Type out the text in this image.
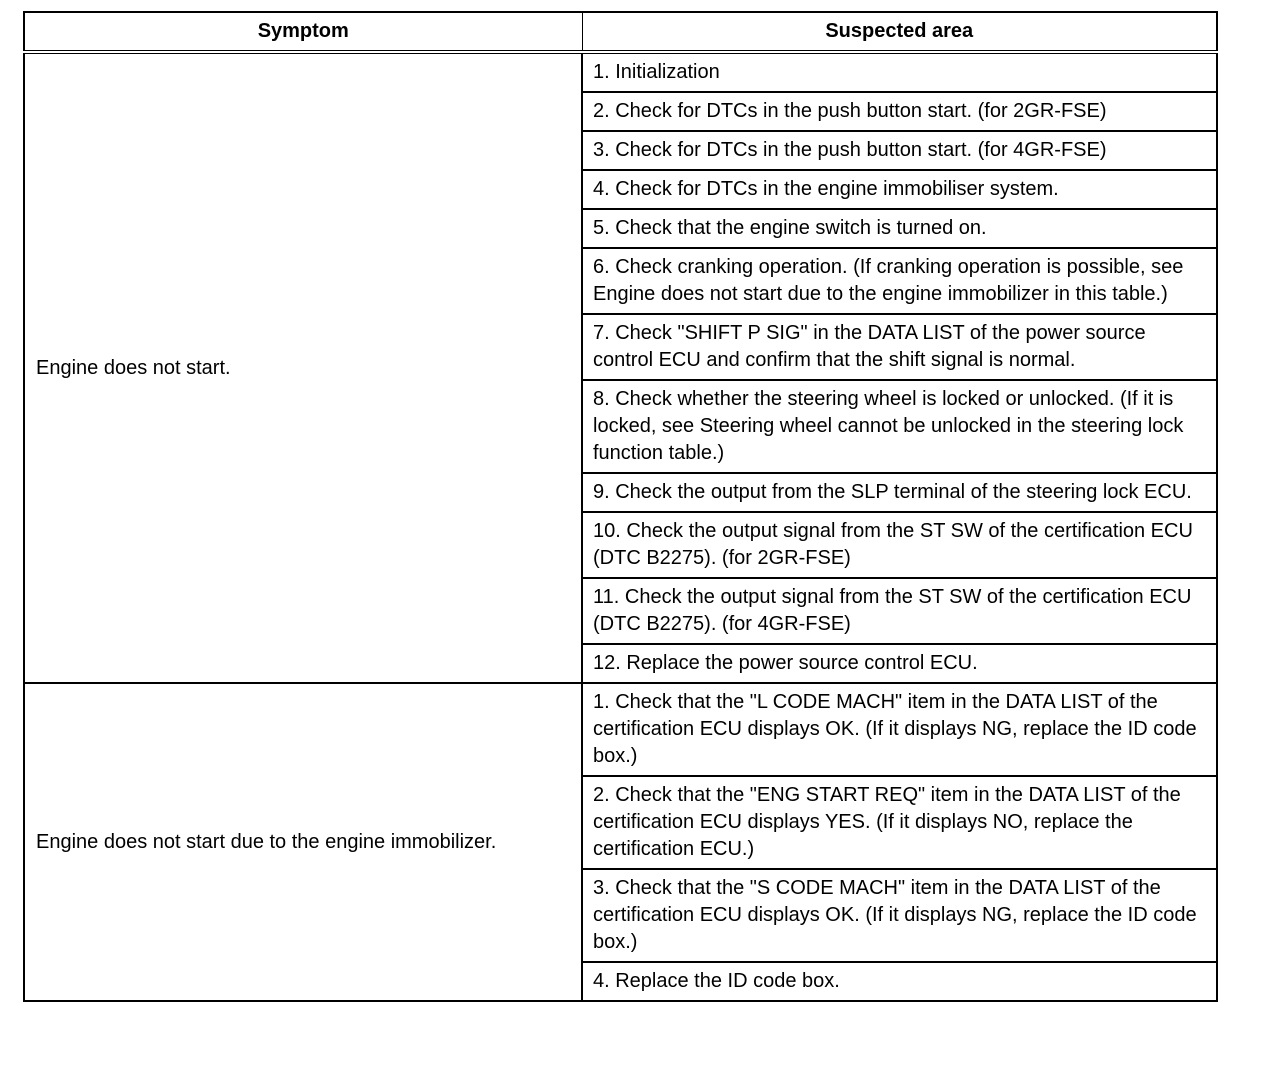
Symptom	Suspected area
Engine does not start.	1. Initialization
	2. Check for DTCs in the push button start. (for 2GR-FSE)
	3. Check for DTCs in the push button start. (for 4GR-FSE)
	4. Check for DTCs in the engine immobiliser system.
	5. Check that the engine switch is turned on.
	6. Check cranking operation. (If cranking operation is possible, see Engine does not start due to the engine immobilizer in this table.)
	7. Check "SHIFT P SIG" in the DATA LIST of the power source control ECU and confirm that the shift signal is normal.
	8. Check whether the steering wheel is locked or unlocked. (If it is locked, see Steering wheel cannot be unlocked in the steering lock function table.)
	9. Check the output from the SLP terminal of the steering lock ECU.
	10. Check the output signal from the ST SW of the certification ECU (DTC B2275). (for 2GR-FSE)
	11. Check the output signal from the ST SW of the certification ECU (DTC B2275). (for 4GR-FSE)
	12. Replace the power source control ECU.
Engine does not start due to the engine immobilizer.	1. Check that the "L CODE MACH" item in the DATA LIST of the certification ECU displays OK. (If it displays NG, replace the ID code box.)
	2. Check that the "ENG START REQ" item in the DATA LIST of the certification ECU displays YES. (If it displays NO, replace the certification ECU.)
	3. Check that the "S CODE MACH" item in the DATA LIST of the certification ECU displays OK. (If it displays NG, replace the ID code box.)
	4. Replace the ID code box.
